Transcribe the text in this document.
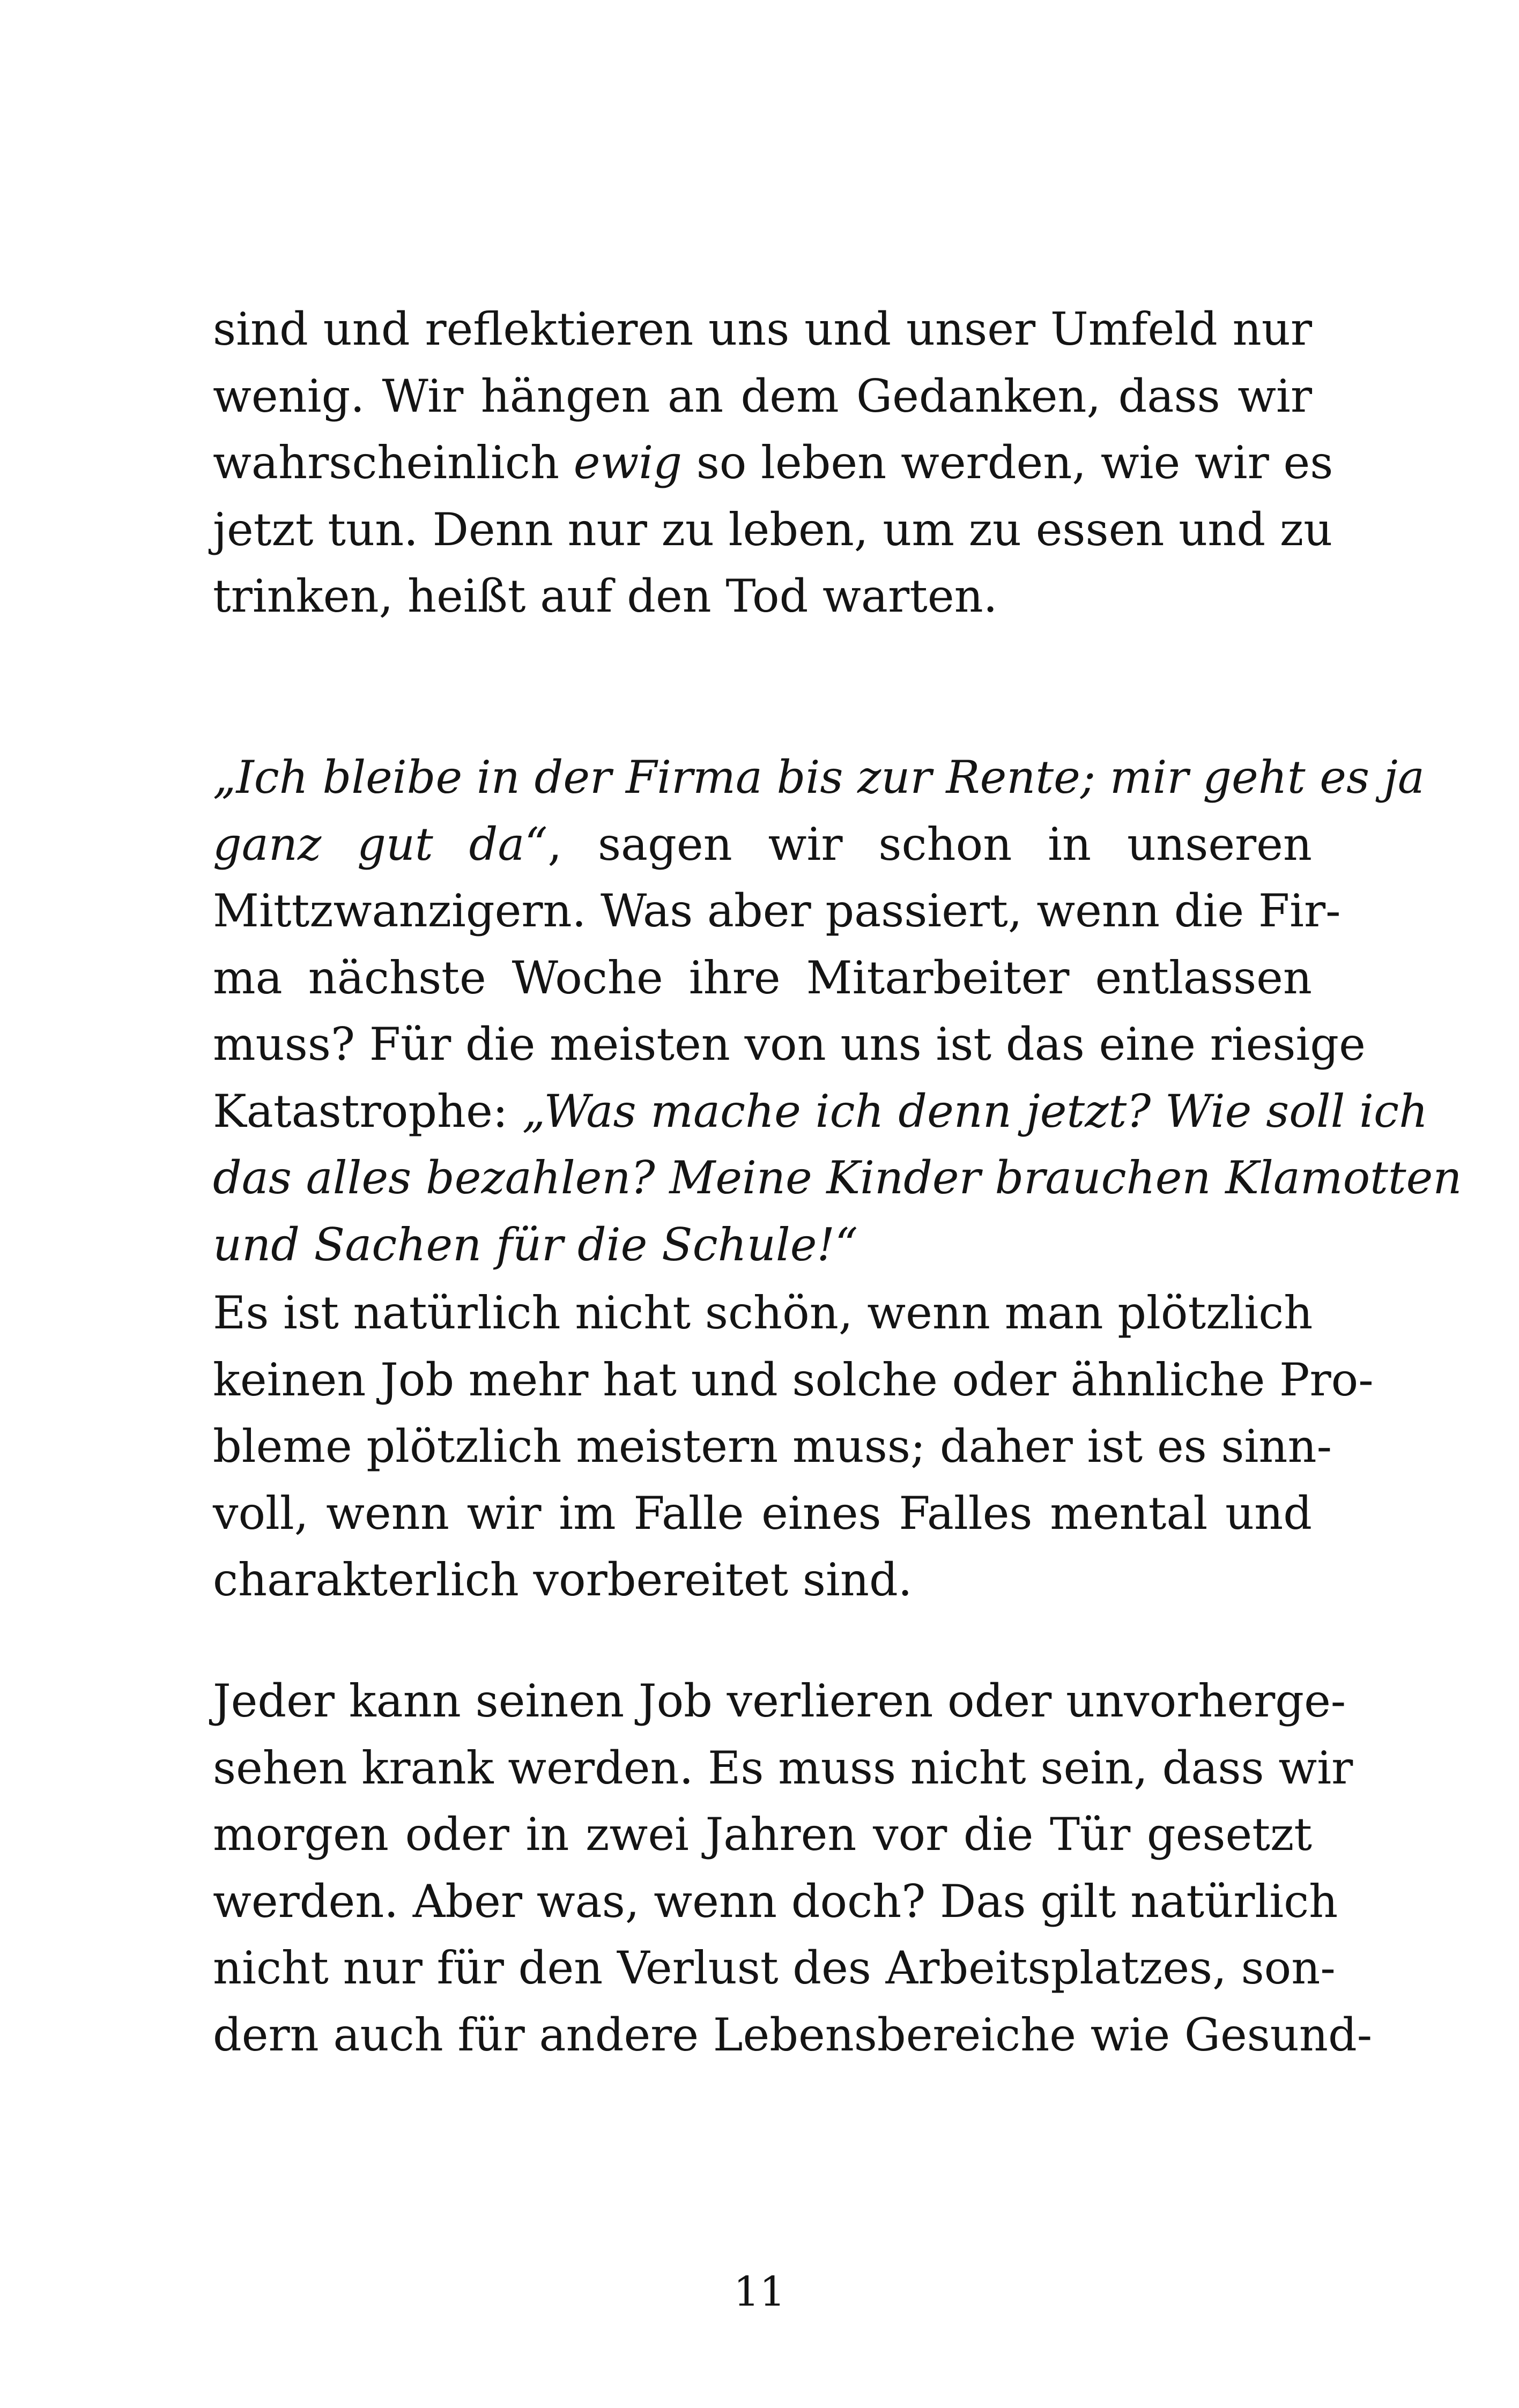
sind und reflektieren uns und unser Umfeld nur
wenig. Wir hängen an dem Gedanken, dass wir
wahrscheinlich ewig so leben werden, wie wir es
jetzt tun. Denn nur zu leben, um zu essen und zu
trinken, heißt auf den Tod warten.
„Ich bleibe in der Firma bis zur Rente; mir geht es ja
ganz gut da“, sagen wir schon in unseren
Mittzwanzigern. Was aber passiert, wenn die Fir-
ma nächste Woche ihre Mitarbeiter entlassen
muss? Für die meisten von uns ist das eine riesige
Katastrophe: „Was mache ich denn jetzt? Wie soll ich
das alles bezahlen? Meine Kinder brauchen Klamotten
und Sachen für die Schule!“
Es ist natürlich nicht schön, wenn man plötzlich
keinen Job mehr hat und solche oder ähnliche Pro-
bleme plötzlich meistern muss; daher ist es sinn-
voll, wenn wir im Falle eines Falles mental und
charakterlich vorbereitet sind.
Jeder kann seinen Job verlieren oder unvorherge-
sehen krank werden. Es muss nicht sein, dass wir
morgen oder in zwei Jahren vor die Tür gesetzt
werden. Aber was, wenn doch? Das gilt natürlich
nicht nur für den Verlust des Arbeitsplatzes, son-
dern auch für andere Lebensbereiche wie Gesund-
11
